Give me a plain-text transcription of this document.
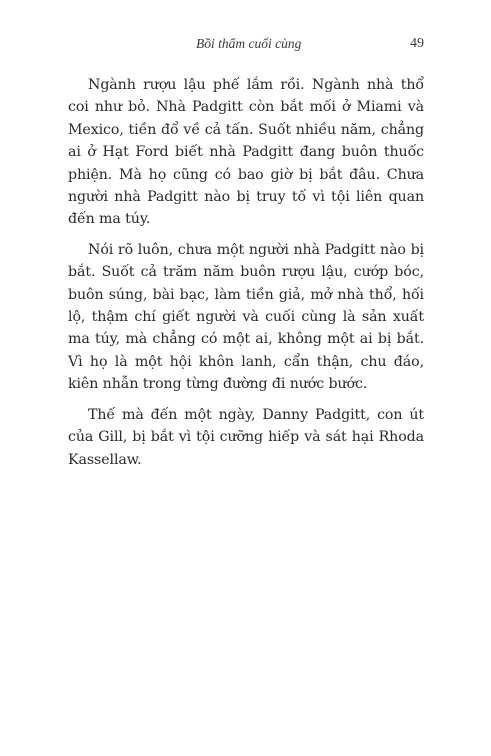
Bồi thẩm cuối cùng	49

Ngành rượu lậu phế lắm rồi. Ngành nhà thổ coi như bỏ. Nhà Padgitt còn bắt mối ở Miami và Mexico, tiền đổ về cả tấn. Suốt nhiều năm, chẳng ai ở Hạt Ford biết nhà Padgitt đang buôn thuốc phiện. Mà họ cũng có bao giờ bị bắt đâu. Chưa người nhà Padgitt nào bị truy tố vì tội liên quan đến ma túy.

Nói rõ luôn, chưa một người nhà Padgitt nào bị bắt. Suốt cả trăm năm buôn rượu lậu, cướp bóc, buôn súng, bài bạc, làm tiền giả, mở nhà thổ, hối lộ, thậm chí giết người và cuối cùng là sản xuất ma túy, mà chẳng có một ai, không một ai bị bắt. Vì họ là một hội khôn lanh, cẩn thận, chu đáo, kiên nhẫn trong từng đường đi nước bước.

Thế mà đến một ngày, Danny Padgitt, con út của Gill, bị bắt vì tội cưỡng hiếp và sát hại Rhoda Kassellaw.
